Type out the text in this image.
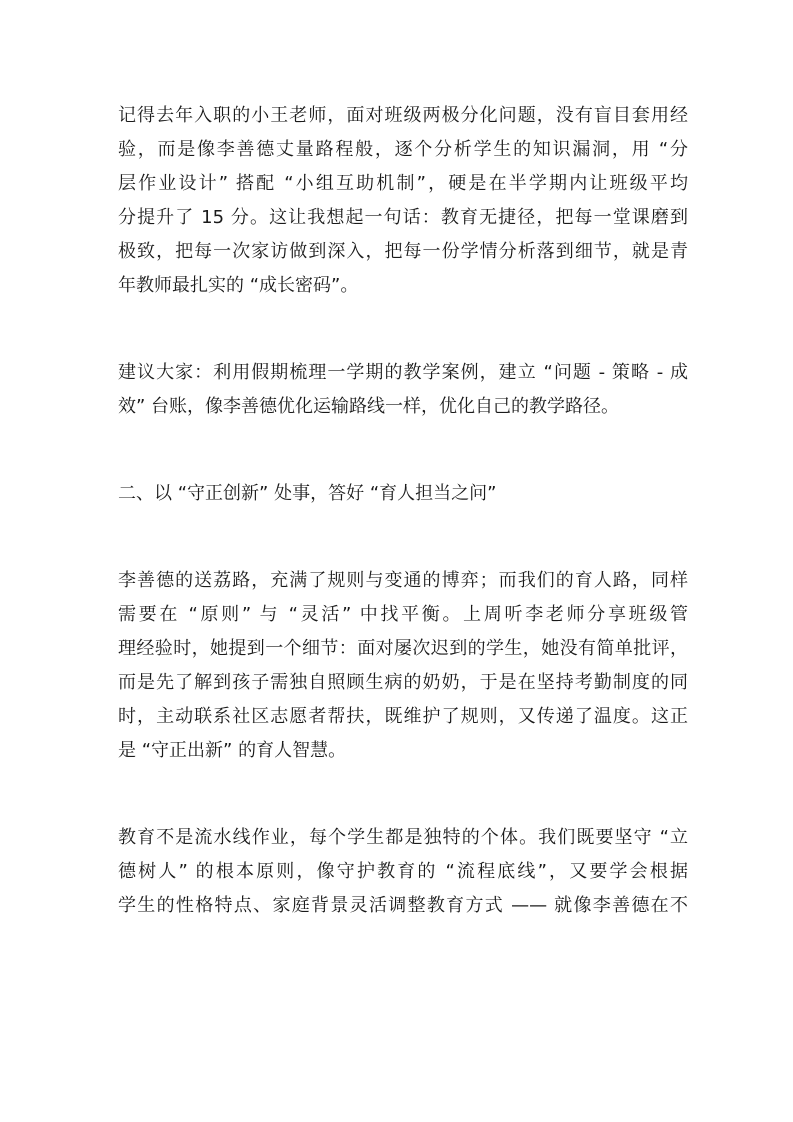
记得去年入职的小王老师，面对班级两极分化问题，没有盲目套用经
验，而是像李善德丈量路程般，逐个分析学生的知识漏洞，用 “分
层作业设计” 搭配 “小组互助机制”，硬是在半学期内让班级平均
分提升了 15 分。这让我想起一句话：教育无捷径，把每一堂课磨到
极致，把每一次家访做到深入，把每一份学情分析落到细节，就是青
年教师最扎实的 “成长密码”。
建议大家：利用假期梳理一学期的教学案例，建立 “问题 - 策略 - 成
效” 台账，像李善德优化运输路线一样，优化自己的教学路径。
二、以 “守正创新” 处事，答好 “育人担当之问”
李善德的送荔路，充满了规则与变通的博弈；而我们的育人路，同样
需要在 “原则” 与 “灵活” 中找平衡。上周听李老师分享班级管
理经验时，她提到一个细节：面对屡次迟到的学生，她没有简单批评，
而是先了解到孩子需独自照顾生病的奶奶，于是在坚持考勤制度的同
时，主动联系社区志愿者帮扶，既维护了规则，又传递了温度。这正
是 “守正出新” 的育人智慧。
教育不是流水线作业，每个学生都是独特的个体。我们既要坚守 “立
德树人” 的根本原则，像守护教育的 “流程底线”，又要学会根据
学生的性格特点、家庭背景灵活调整教育方式 —— 就像李善德在不
